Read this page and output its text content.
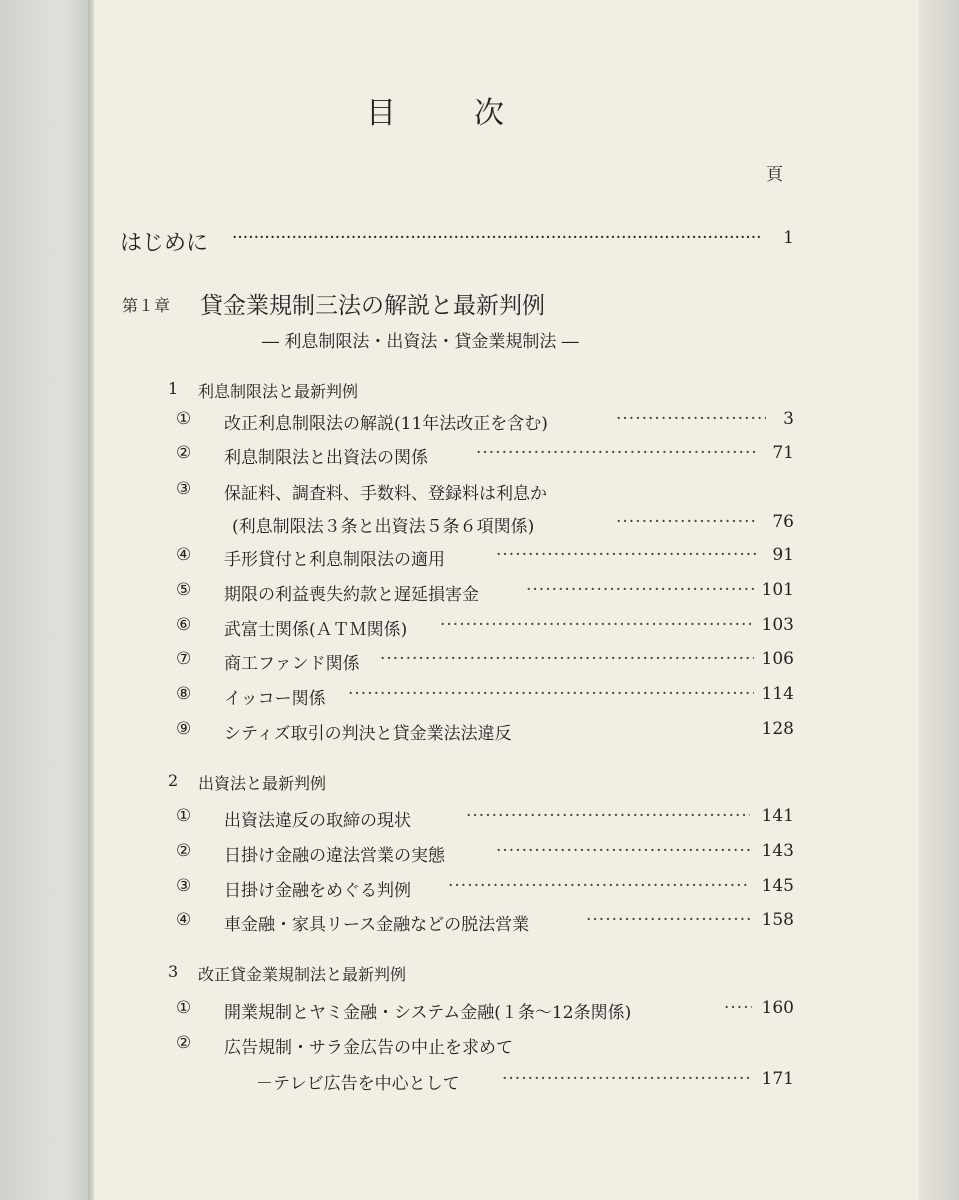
目　次
頁
はじめに ·····	1
第１章 貸金業規制三法の解説と最新判例
― 利息制限法・出資法・貸金業規制法 ―
1 利息制限法と最新判例
①	改正利息制限法の解説(11年法改正を含む) ·····	3
②	利息制限法と出資法の関係 ·····	71
③	保証料、調査料、手数料、登録料は利息か
(利息制限法３条と出資法５条６項関係) ·····	76
④	手形貸付と利息制限法の適用 ·····	91
⑤	期限の利益喪失約款と遅延損害金 ·····	101
⑥	武富士関係(ＡＴＭ関係) ·····	103
⑦	商工ファンド関係 ·····	106
⑧	イッコー関係 ·····	114
⑨	シティズ取引の判決と貸金業法法違反	128
2 出資法と最新判例
①	出資法違反の取締の現状 ·····	141
②	日掛け金融の違法営業の実態 ·····	143
③	日掛け金融をめぐる判例 ·····	145
④	車金融・家具リース金融などの脱法営業 ·····	158
3 改正貸金業規制法と最新判例
①	開業規制とヤミ金融・システム金融(１条～12条関係) ·····	160
②	広告規制・サラ金広告の中止を求めて
－テレビ広告を中心として ·····	171
